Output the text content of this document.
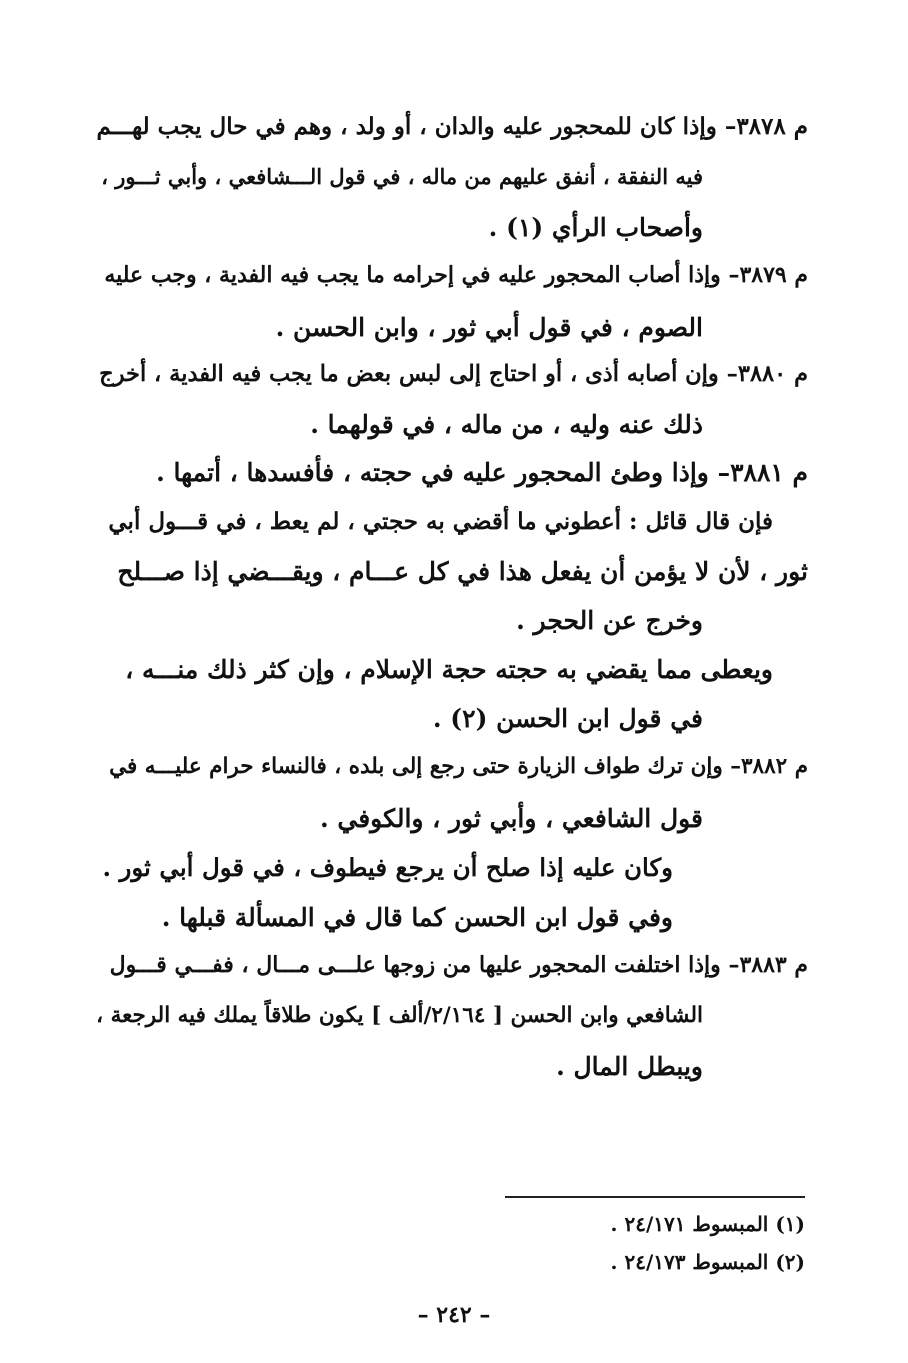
م ٣٨٧٨– وإذا كان للمحجور عليه والدان ، أو ولد ، وهم في حال يجب لهـــم
فيه النفقة ، أنفق عليهم من ماله ، في قول الـــشافعي ، وأبي ثـــور ،
وأصحاب الرأي (١) .
م ٣٨٧٩– وإذا أصاب المحجور عليه في إحرامه ما يجب فيه الفدية ، وجب عليه
الصوم ، في قول أبي ثور ، وابن الحسن .
م ٣٨٨٠– وإن أصابه أذى ، أو احتاج إلى لبس بعض ما يجب فيه الفدية ، أخرج
ذلك عنه وليه ، من ماله ، في قولهما .
م ٣٨٨١– وإذا وطئ المحجور عليه في حجته ، فأفسدها ، أتمها .
فإن قال قائل : أعطوني ما أقضي به حجتي ، لم يعط ، في قـــول أبي
ثور ، لأن لا يؤمن أن يفعل هذا في كل عـــام ، ويقـــضي إذا صـــلح
وخرج عن الحجر .
ويعطى مما يقضي به حجته حجة الإسلام ، وإن كثر ذلك منـــه ،
في قول ابن الحسن (٢) .
م ٣٨٨٢– وإن ترك طواف الزيارة حتى رجع إلى بلده ، فالنساء حرام عليـــه في
قول الشافعي ، وأبي ثور ، والكوفي .
وكان عليه إذا صلح أن يرجع فيطوف ، في قول أبي ثور .
وفي قول ابن الحسن كما قال في المسألة قبلها .
م ٣٨٨٣– وإذا اختلفت المحجور عليها من زوجها علـــى مـــال ، ففـــي قـــول
الشافعي وابن الحسن [ ٢/١٦٤/ألف ] يكون طلاقاً يملك فيه الرجعة ،
ويبطل المال .
(١) المبسوط ٢٤/١٧١ .
(٢) المبسوط ٢٤/١٧٣ .
– ٢٤٢ –
